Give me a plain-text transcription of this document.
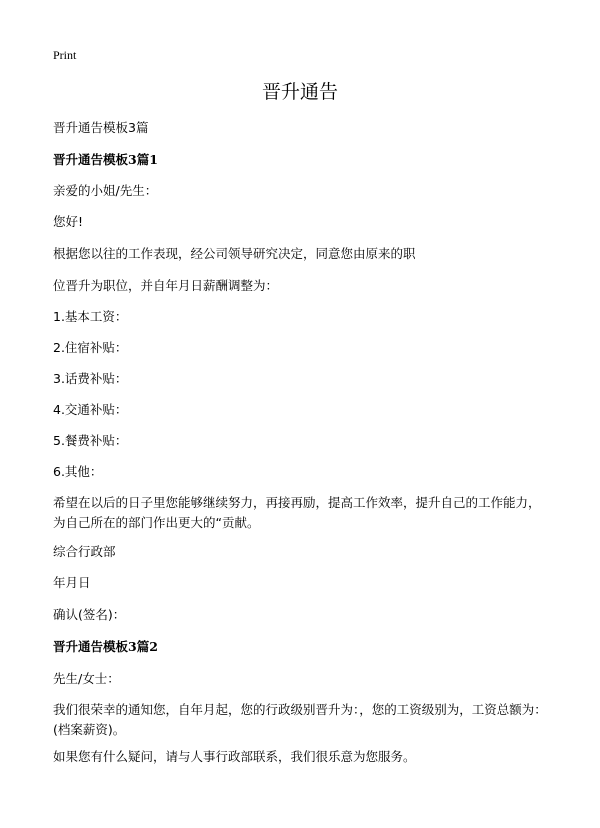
Print
晋升通告

晋升通告模板3篇

晋升通告模板3篇1

亲爱的小姐/先生：

您好!

根据您以往的工作表现，经公司领导研究决定，同意您由原来的职

位晋升为职位，并自年月日薪酬调整为：

1.基本工资：

2.住宿补贴：

3.话费补贴：

4.交通补贴：

5.餐费补贴：

6.其他：

希望在以后的日子里您能够继续努力，再接再励，提高工作效率，提升自己的工作能力，为自己所在的部门作出更大的“贡献。

综合行政部

年月日

确认(签名)：

晋升通告模板3篇2

先生/女士：

我们很荣幸的通知您，自年月起，您的行政级别晋升为：，您的工资级别为，工资总额为：(档案薪资)。

如果您有什么疑问，请与人事行政部联系，我们很乐意为您服务。
